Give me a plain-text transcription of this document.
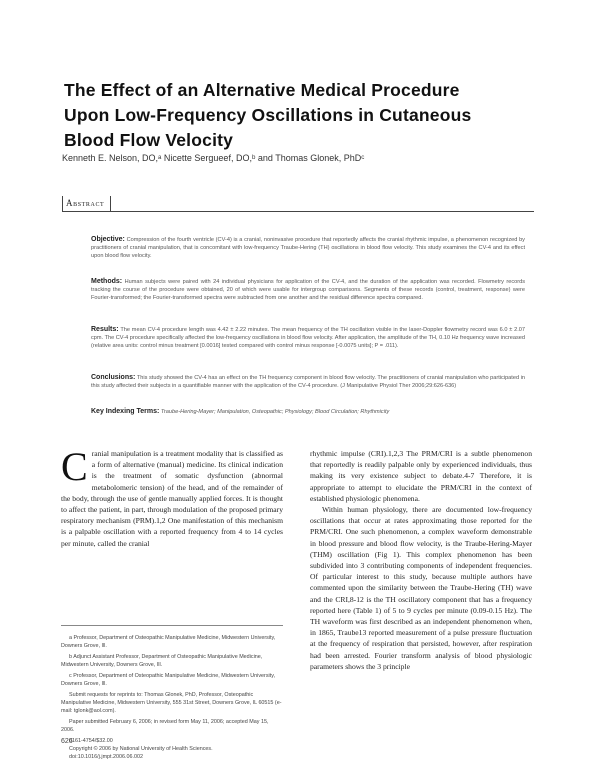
The Effect of an Alternative Medical Procedure
Upon Low-Frequency Oscillations in Cutaneous
Blood Flow Velocity
Kenneth E. Nelson, DO,ᵃ Nicette Sergueef, DO,ᵇ and Thomas Glonek, PhDᶜ
Abstract

Objective: Compression of the fourth ventricle (CV-4) is a cranial, noninvasive procedure that reportedly affects the cranial rhythmic impulse, a phenomenon recognized by practitioners of cranial manipulation, that is concomitant with low-frequency Traube-Hering (TH) oscillations in blood flow velocity. This study examines the CV-4 and its effect upon blood flow velocity.

Methods: Human subjects were paired with 24 individual physicians for application of the CV-4, and the duration of the application was recorded. Flowmetry records tracking the course of the procedure were obtained, 20 of which were usable for intergroup comparisons. Segments of these records (control, treatment, response) were Fourier-transformed; the Fourier-transformed spectra were subtracted from one another and the residual difference spectra compared.

Results: The mean CV-4 procedure length was 4.42 ± 2.22 minutes. The mean frequency of the TH oscillation visible in the laser-Doppler flowmetry record was 6.0 ± 2.07 cpm. The CV-4 procedure specifically affected the low-frequency oscillations in blood flow velocity. After application, the amplitude of the TH, 0.10 Hz frequency wave increased (relative area units: control minus treatment [0.0016] tested compared with control minus response [-0.0075 units]; P = .011).

Conclusions: This study showed the CV-4 has an effect on the TH frequency component in blood flow velocity. The practitioners of cranial manipulation who participated in this study affected their subjects in a quantifiable manner with the application of the CV-4 procedure. (J Manipulative Physiol Ther 2006;29:626-636)

Key Indexing Terms: Traube-Hering-Mayer; Manipulation, Osteopathic; Physiology; Blood Circulation; Rhythmicity

Cranial manipulation is a treatment modality that is classified as a form of alternative (manual) medicine. Its clinical indication is the treatment of somatic dysfunction (abnormal metabolomeric tension) of the head, and of the remainder of the body, through the use of gentle manually applied forces. It is thought to affect the patient, in part, through modulation of the proposed primary respiratory mechanism (PRM).1,2 One manifestation of this mechanism is a palpable oscillation with a reported frequency from 4 to 14 cycles per minute, called the cranial

rhythmic impulse (CRI).1,2,3 The PRM/CRI is a subtle phenomenon that reportedly is readily palpable only by experienced individuals, thus making its very existence subject to debate.4-7 Therefore, it is appropriate to attempt to elucidate the PRM/CRI in the context of established physiologic phenomena.

Within human physiology, there are documented low-frequency oscillations that occur at rates approximating those reported for the PRM/CRI. One such phenomenon, a complex waveform demonstrable in blood pressure and blood flow velocity, is the Traube-Hering-Mayer (THM) oscillation (Fig 1). This complex phenomenon has been subdivided into 3 contributing components of independent frequencies. Of particular interest to this study, because multiple authors have commented upon the similarity between the Traube-Hering (TH) wave and the CRI,8-12 is the TH oscillatory component that has a frequency reported here (Table 1) of 5 to 9 cycles per minute (0.09-0.15 Hz). The TH waveform was first described as an independent phenomenon when, in 1865, Traube13 reported measurement of a pulse pressure fluctuation at the frequency of respiration that persisted, however, after respiration had been arrested. Fourier transform analysis of blood physiologic parameters shows the 3 principle

a Professor, Department of Osteopathic Manipulative Medicine, Midwestern University, Downers Grove, Ill.

b Adjunct Assistant Professor, Department of Osteopathic Manipulative Medicine, Midwestern University, Downers Grove, Ill.

c Professor, Department of Osteopathic Manipulative Medicine, Midwestern University, Downers Grove, Ill.

Submit requests for reprints to: Thomas Glonek, PhD, Professor, Osteopathic Manipulative Medicine, Midwestern University, 555 31st Street, Downers Grove, IL 60515 (e-mail: tglonk@aol.com).

Paper submitted February 6, 2006; in revised form May 11, 2006; accepted May 15, 2006.

0161-4754/$32.00

Copyright © 2006 by National University of Health Sciences.

doi:10.1016/j.jmpt.2006.06.002

626
